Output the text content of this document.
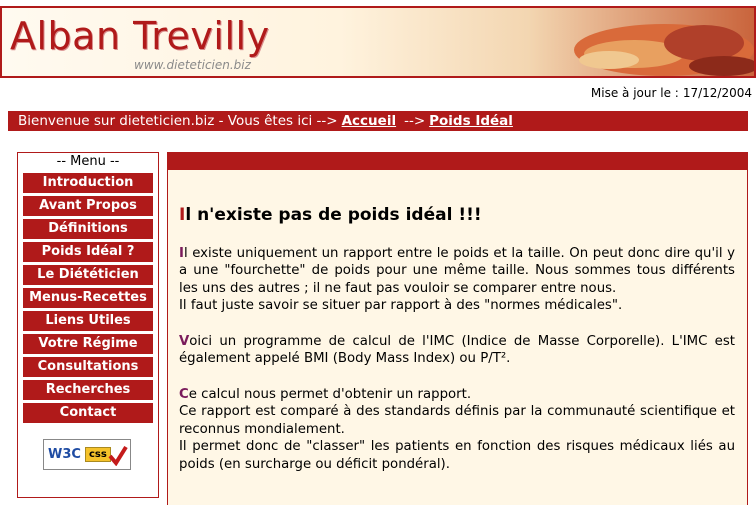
Alban Trevilly
www.dieteticien.biz
Mise à jour le : 17/12/2004
Bienvenue sur dieteticien.biz - Vous êtes ici --> Accueil --> Poids Idéal
-- Menu --
Introduction
Avant Propos
Définitions
Poids Idéal ?
Le Diététicien
Menus-Recettes
Liens Utiles
Votre Régime
Consultations
Recherches
Contact
W3C css
Il n'existe pas de poids idéal !!!

Il existe uniquement un rapport entre le poids et la taille. On peut donc dire qu'il y a une "fourchette" de poids pour une même taille. Nous sommes tous différents les uns des autres ; il ne faut pas vouloir se comparer entre nous.
Il faut juste savoir se situer par rapport à des "normes médicales".

Voici un programme de calcul de l'IMC (Indice de Masse Corporelle). L'IMC est également appelé BMI (Body Mass Index) ou P/T².

Ce calcul nous permet d'obtenir un rapport.
Ce rapport est comparé à des standards définis par la communauté scientifique et reconnus mondialement.
Il permet donc de "classer" les patients en fonction des risques médicaux liés au poids (en surcharge ou déficit pondéral).
